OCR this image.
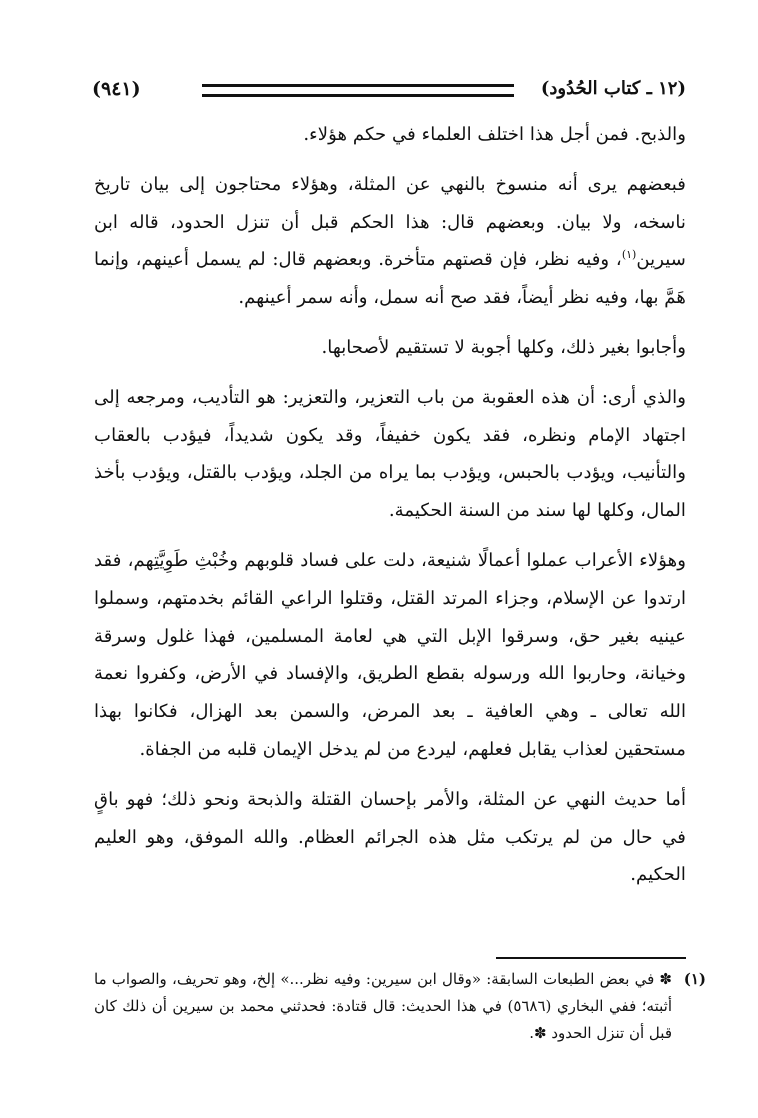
(٩٤١)	(١٢ ـ كتاب الحُدُود)

والذبح. فمن أجل هذا اختلف العلماء في حكم هؤلاء.

فبعضهم يرى أنه منسوخ بالنهي عن المثلة، وهؤلاء محتاجون إلى بيان تاريخ ناسخه، ولا بيان. وبعضهم قال: هذا الحكم قبل أن تنزل الحدود، قاله ابن سيرين$^{(١)}$، وفيه نظر، فإن قصتهم متأخرة. وبعضهم قال: لم يسمل أعينهم، وإنما هَمَّ بها، وفيه نظر أيضاً، فقد صح أنه سمل، وأنه سمر أعينهم.

وأجابوا بغير ذلك، وكلها أجوبة لا تستقيم لأصحابها.

والذي أرى: أن هذه العقوبة من باب التعزير، والتعزير: هو التأديب، ومرجعه إلى اجتهاد الإمام ونظره، فقد يكون خفيفاً، وقد يكون شديداً، فيؤدب بالعقاب والتأنيب، ويؤدب بالحبس، ويؤدب بما يراه من الجلد، ويؤدب بالقتل، ويؤدب بأخذ المال، وكلها لها سند من السنة الحكيمة.

وهؤلاء الأعراب عملوا أعمالًا شنيعة، دلت على فساد قلوبهم وخُبْثِ طَوِيَّتِهم، فقد ارتدوا عن الإسلام، وجزاء المرتد القتل، وقتلوا الراعي القائم بخدمتهم، وسملوا عينيه بغير حق، وسرقوا الإبل التي هي لعامة المسلمين، فهذا غلول وسرقة وخيانة، وحاربوا الله ورسوله بقطع الطريق، والإفساد في الأرض، وكفروا نعمة الله تعالى ـ وهي العافية ـ بعد المرض، والسمن بعد الهزال، فكانوا بهذا مستحقين لعذاب يقابل فعلهم، ليردع من لم يدخل الإيمان قلبه من الجفاة.

أما حديث النهي عن المثلة، والأمر بإحسان القتلة والذبحة ونحو ذلك؛ فهو باقٍ في حال من لم يرتكب مثل هذه الجرائم العظام. والله الموفق، وهو العليم الحكيم.

(١)
✽ في بعض الطبعات السابقة: «وقال ابن سيرين: وفيه نظر...» إلخ، وهو تحريف، والصواب ما أثبته؛ ففي البخاري (٥٦٨٦) في هذا الحديث: قال قتادة: فحدثني محمد بن سيرين أن ذلك كان قبل أن تنزل الحدود ✽.
